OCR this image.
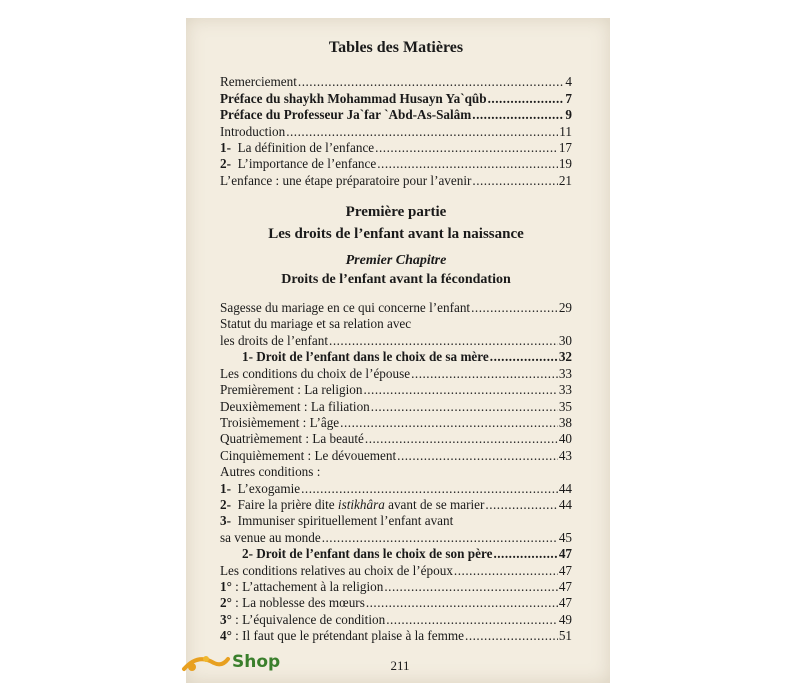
Tables des Matières
Remerciement .....	4
Préface du shaykh Mohammad Husayn Ya`qûb .....	7
Préface du Professeur Ja`far `Abd-As-Salâm .....	9
Introduction .....	11
1- La définition de l’enfance .....	17
2- L’importance de l’enfance .....	19
L’enfance : une étape préparatoire pour l’avenir .....	21
Première partie
Les droits de l’enfant avant la naissance
Premier Chapitre
Droits de l’enfant avant la fécondation
Sagesse du mariage en ce qui concerne l’enfant .....	29
Statut du mariage et sa relation avec
les droits de l’enfant .....	30
1- Droit de l’enfant dans le choix de sa mère .....	32
Les conditions du choix de l’épouse .....	33
Premièrement : La religion .....	33
Deuxièmement : La filiation .....	35
Troisièmement : L’âge .....	38
Quatrièmement : La beauté .....	40
Cinquièmement : Le dévouement .....	43
Autres conditions :
1- L’exogamie .....	44
2- Faire la prière dite istikhâra avant de se marier .....	44
3- Immuniser spirituellement l’enfant avant
sa venue au monde .....	45
2- Droit de l’enfant dans le choix de son père .....	47
Les conditions relatives au choix de l’époux .....	47
1° : L’attachement à la religion .....	47
2° : La noblesse des mœurs .....	47
3° : L’équivalence de condition .....	49
4° : Il faut que le prétendant plaise à la femme .....	51
211
Shop
